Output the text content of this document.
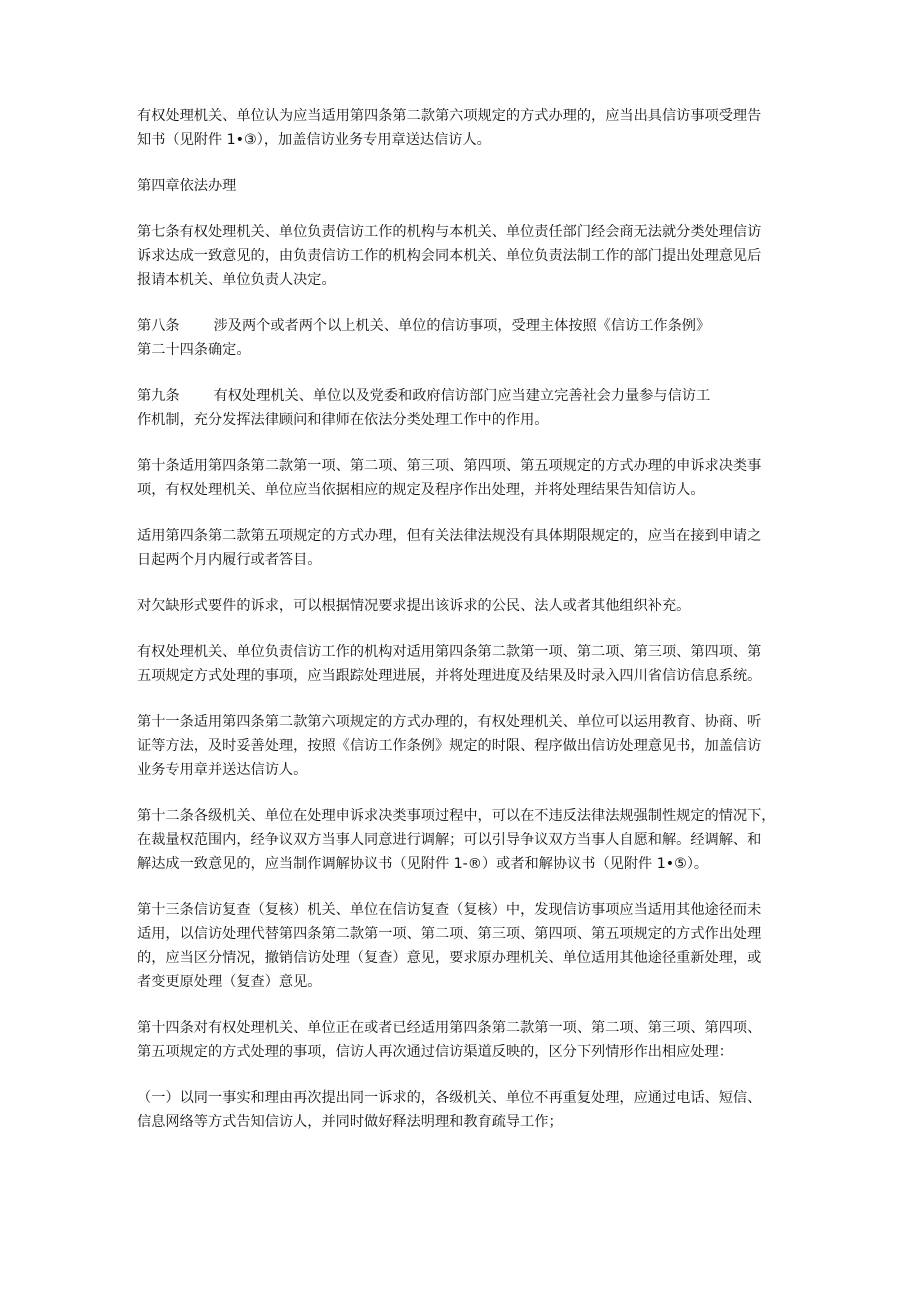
有权处理机关、单位认为应当适用第四条第二款第六项规定的方式办理的，应当出具信访事项受理告
知书（见附件 1•③），加盖信访业务专用章送达信访人。

第四章依法办理

第七条有权处理机关、单位负责信访工作的机构与本机关、单位责任部门经会商无法就分类处理信访
诉求达成一致意见的，由负责信访工作的机构会同本机关、单位负责法制工作的部门提出处理意见后
报请本机关、单位负责人决定。

第八条 涉及两个或者两个以上机关、单位的信访事项，受理主体按照《信访工作条例》
第二十四条确定。

第九条 有权处理机关、单位以及党委和政府信访部门应当建立完善社会力量参与信访工
作机制，充分发挥法律顾问和律师在依法分类处理工作中的作用。

第十条适用第四条第二款第一项、第二项、第三项、第四项、第五项规定的方式办理的申诉求决类事
项，有权处理机关、单位应当依据相应的规定及程序作出处理，并将处理结果告知信访人。

适用第四条第二款第五项规定的方式办理，但有关法律法规没有具体期限规定的，应当在接到申请之
日起两个月内履行或者答目。

对欠缺形式要件的诉求，可以根据情况要求提出该诉求的公民、法人或者其他组织补充。

有权处理机关、单位负责信访工作的机构对适用第四条第二款第一项、第二项、第三项、第四项、第
五项规定方式处理的事项，应当跟踪处理进展，并将处理进度及结果及时录入四川省信访信息系统。

第十一条适用第四条第二款第六项规定的方式办理的，有权处理机关、单位可以运用教育、协商、听
证等方法，及时妥善处理，按照《信访工作条例》规定的时限、程序做出信访处理意见书，加盖信访
业务专用章并送达信访人。

第十二条各级机关、单位在处理申诉求决类事项过程中，可以在不违反法律法规强制性规定的情况下，
在裁量权范围内，经争议双方当事人同意进行调解；可以引导争议双方当事人自愿和解。经调解、和
解达成一致意见的，应当制作调解协议书（见附件 1-®）或者和解协议书（见附件 1•⑤）。

第十三条信访复查（复核）机关、单位在信访复查（复核）中，发现信访事项应当适用其他途径而未
适用，以信访处理代替第四条第二款第一项、第二项、第三项、第四项、第五项规定的方式作出处理
的，应当区分情况，撤销信访处理（复查）意见，要求原办理机关、单位适用其他途径重新处理，或
者变更原处理（复查）意见。

第十四条对有权处理机关、单位正在或者已经适用第四条第二款第一项、第二项、第三项、第四项、
第五项规定的方式处理的事项，信访人再次通过信访渠道反映的，区分下列情形作出相应处理：

（一）以同一事实和理由再次提出同一诉求的，各级机关、单位不再重复处理，应通过电话、短信、
信息网络等方式告知信访人，并同时做好释法明理和教育疏导工作；
